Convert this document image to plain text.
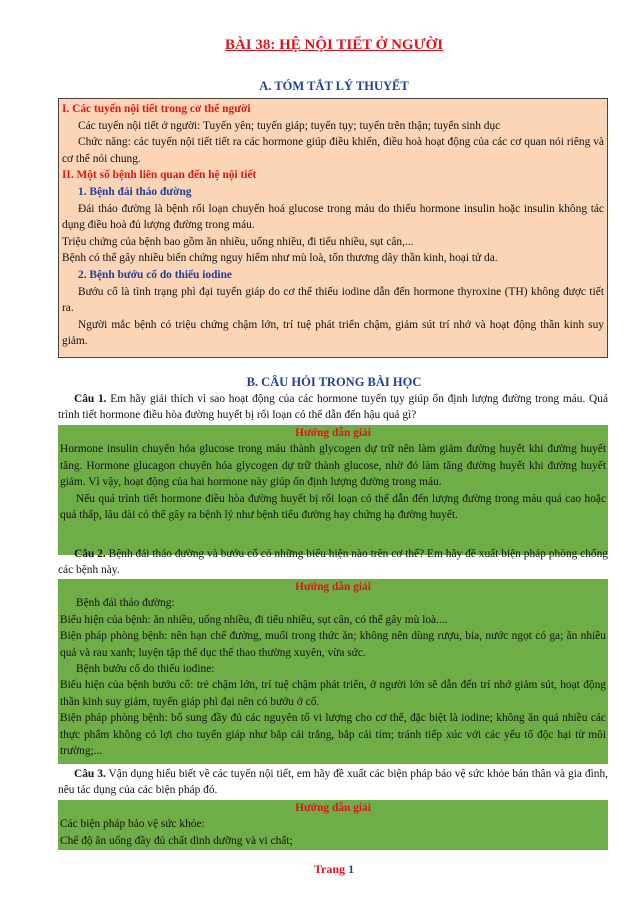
BÀI 38: HỆ NỘI TIẾT Ở NGƯỜI
A. TÓM TẮT LÝ THUYẾT

I. Các tuyến nội tiết trong cơ thể người

Các tuyến nội tiết ở người: Tuyến yên; tuyến giáp; tuyến tụy; tuyến trên thận; tuyến sinh dục

Chức năng: các tuyến nội tiết tiết ra các hormone giúp điều khiển, điều hoà hoạt động của các cơ quan nói riêng và cơ thể nói chung.

II. Một số bệnh liên quan đến hệ nội tiết

1. Bệnh đái tháo đường

Đái tháo đường là bệnh rối loạn chuyển hoá glucose trong máu do thiếu hormone insulin hoặc insulin không tác dụng điều hoà đủ lượng đường trong máu.

Triệu chứng của bệnh bao gồm ăn nhiều, uống nhiều, đi tiểu nhiều, sụt cân,...

Bệnh có thể gây nhiều biến chứng nguy hiểm như mù loà, tổn thương dây thần kinh, hoại tử da.

2. Bệnh bướu cổ do thiếu iodine

Bướu cổ là tình trạng phì đại tuyến giáp do cơ thể thiếu iodine dẫn đến hormone thyroxine (TH) không được tiết ra.

Người mắc bệnh có triệu chứng chậm lớn, trí tuệ phát triển chậm, giảm sút trí nhớ và hoạt động thần kinh suy giảm.

B. CÂU HỎI TRONG BÀI HỌC

Câu 1. Em hãy giải thích vì sao hoạt động của các hormone tuyến tụy giúp ổn định lượng đường trong máu. Quá trình tiết hormone điều hòa đường huyết bị rối loạn có thể dẫn đến hậu quả gì?

Hướng dẫn giải

Hormone insulin chuyển hóa glucose trong máu thành glycogen dự trữ nên làm giảm đường huyết khi đường huyết tăng. Hormone glucagon chuyển hóa glycogen dự trữ thành glucose, nhờ đó làm tăng đường huyết khi đường huyết giảm. Vì vậy, hoạt động của hai hormone này giúp ổn định lượng đường trong máu.

Nếu quá trình tiết hormone điều hòa đường huyết bị rối loạn có thể dẫn đến lượng đường trong máu quá cao hoặc quá thấp, lâu dài có thể gây ra bệnh lý như bệnh tiểu đường hay chứng hạ đường huyết.

Câu 2. Bệnh đái tháo đường và bướu cổ có những biểu hiện nào trên cơ thể? Em hãy đề xuất biện pháp phòng chống các bệnh này.

Hướng dẫn giải

Bệnh đái tháo đường:

Biểu hiện của bệnh: ăn nhiều, uống nhiều, đi tiểu nhiều, sụt cân, có thể gây mù loà....

Biện pháp phòng bệnh: nên hạn chế đường, muối trong thức ăn; không nên dùng rượu, bia, nước ngọt có ga; ăn nhiều quả và rau xanh; luyện tập thể dục thể thao thường xuyên, vừa sức.

Bệnh bướu cổ do thiếu iodine:

Biểu hiện của bệnh bướu cổ: trẻ chậm lớn, trí tuệ chậm phát triển, ở người lớn sẽ dẫn đến trí nhớ giảm sút, hoạt động thần kinh suy giảm, tuyến giáp phì đại nên có bướu ở cổ.

Biện pháp phòng bệnh: bổ sung đầy đủ các nguyên tố vi lượng cho cơ thể, đặc biệt là iodine; không ăn quá nhiều các thực phẩm không có lợi cho tuyến giáp như bắp cải trắng, bắp cải tím; tránh tiếp xúc với các yếu tố độc hại từ môi trường;...

Câu 3. Vận dụng hiểu biết về các tuyến nội tiết, em hãy đề xuất các biện pháp bảo vệ sức khỏe bản thân và gia đình, nêu tác dụng của các biện pháp đó.

Hướng dẫn giải

Các biện pháp bảo vệ sức khỏe:

Chế độ ăn uống đầy đủ chất dinh dưỡng và vi chất;

Trang 1
